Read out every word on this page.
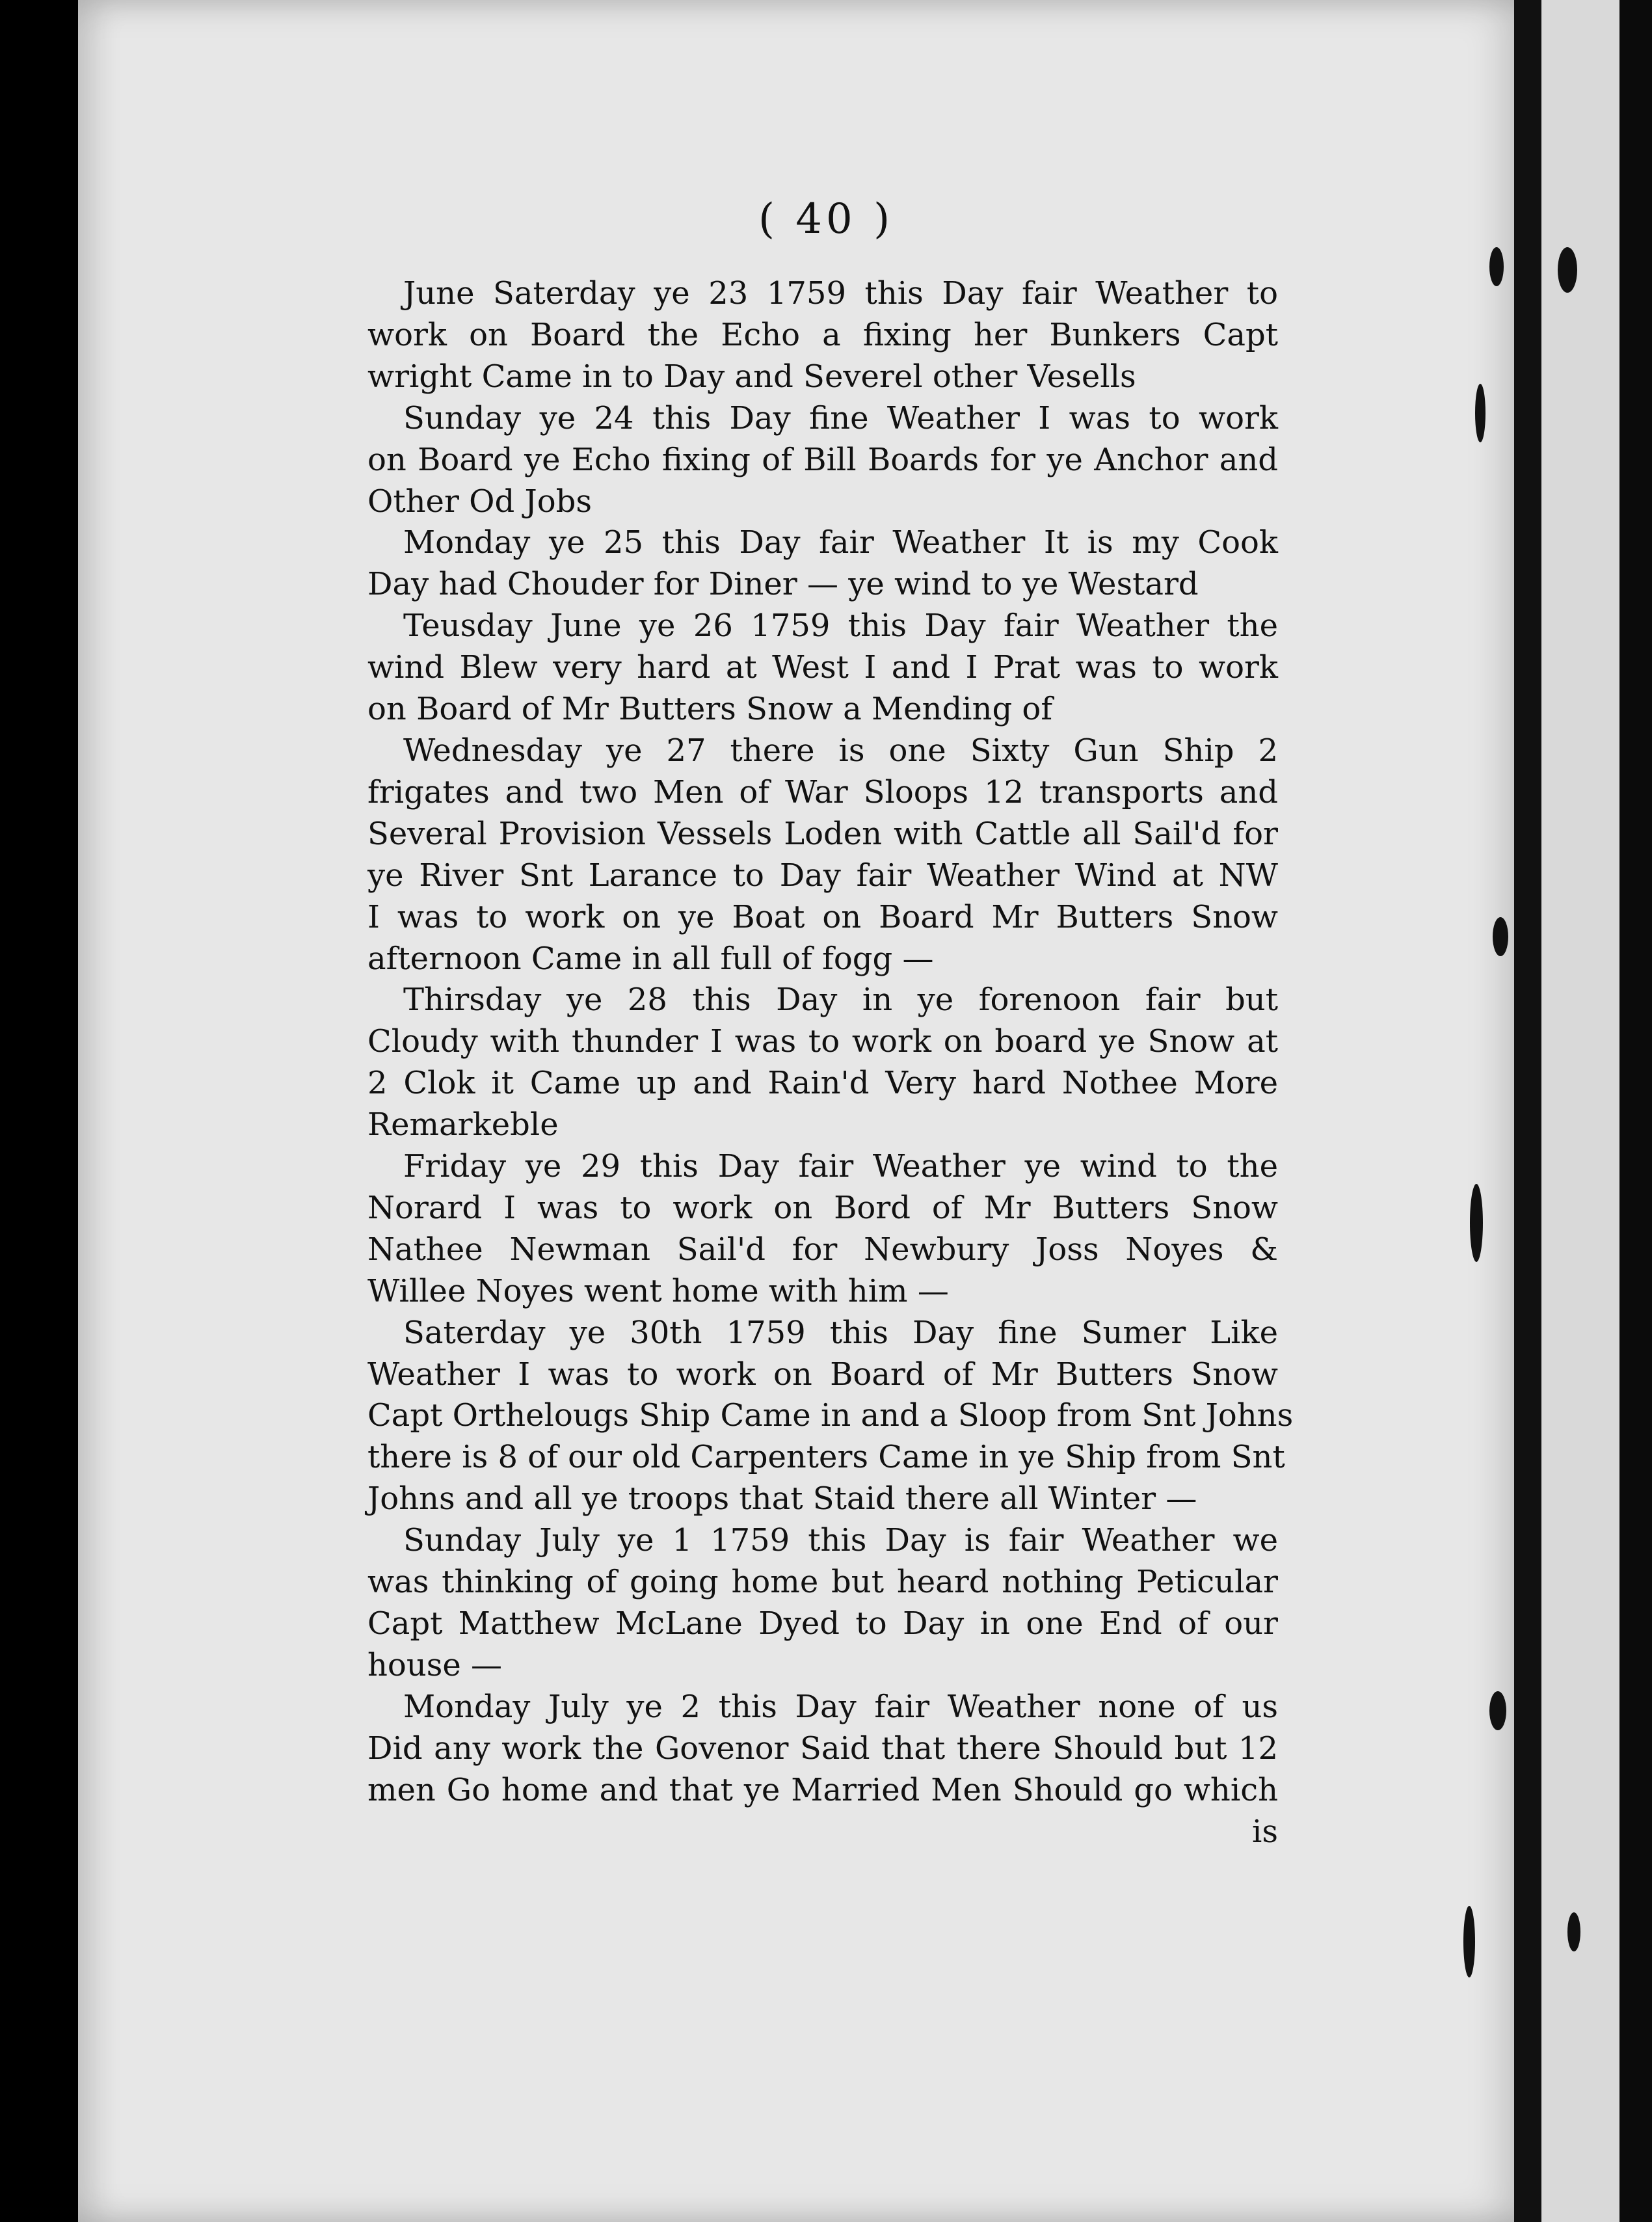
( 40 )
June Saterday ye 23 1759 this Day fair Weather to
work on Board the Echo a fixing her Bunkers Capt
wright Came in to Day and Severel other Vesells
Sunday ye 24 this Day fine Weather I was to work
on Board ye Echo fixing of Bill Boards for ye Anchor and
Other Od Jobs
Monday ye 25 this Day fair Weather It is my Cook
Day had Chouder for Diner — ye wind to ye Westard
Teusday June ye 26 1759 this Day fair Weather the
wind Blew very hard at West I and I Prat was to work
on Board of Mr Butters Snow a Mending of
Wednesday ye 27 there is one Sixty Gun Ship 2
frigates and two Men of War Sloops 12 transports and
Several Provision Vessels Loden with Cattle all Sail'd for
ye River Snt Larance to Day fair Weather Wind at NW
I was to work on ye Boat on Board Mr Butters Snow
afternoon Came in all full of fogg —
Thirsday ye 28 this Day in ye forenoon fair but
Cloudy with thunder I was to work on board ye Snow at
2 Clok it Came up and Rain'd Very hard Nothee More
Remarkeble
Friday ye 29 this Day fair Weather ye wind to the
Norard I was to work on Bord of Mr Butters Snow
Nathee Newman Sail'd for Newbury Joss Noyes &
Willee Noyes went home with him —
Saterday ye 30th 1759 this Day fine Sumer Like
Weather I was to work on Board of Mr Butters Snow
Capt Orthelougs Ship Came in and a Sloop from Snt Johns
there is 8 of our old Carpenters Came in ye Ship from Snt
Johns and all ye troops that Staid there all Winter —
Sunday July ye 1 1759 this Day is fair Weather we
was thinking of going home but heard nothing Peticular
Capt Matthew McLane Dyed to Day in one End of our
house —
Monday July ye 2 this Day fair Weather none of us
Did any work the Govenor Said that there Should but 12
men Go home and that ye Married Men Should go which
is
